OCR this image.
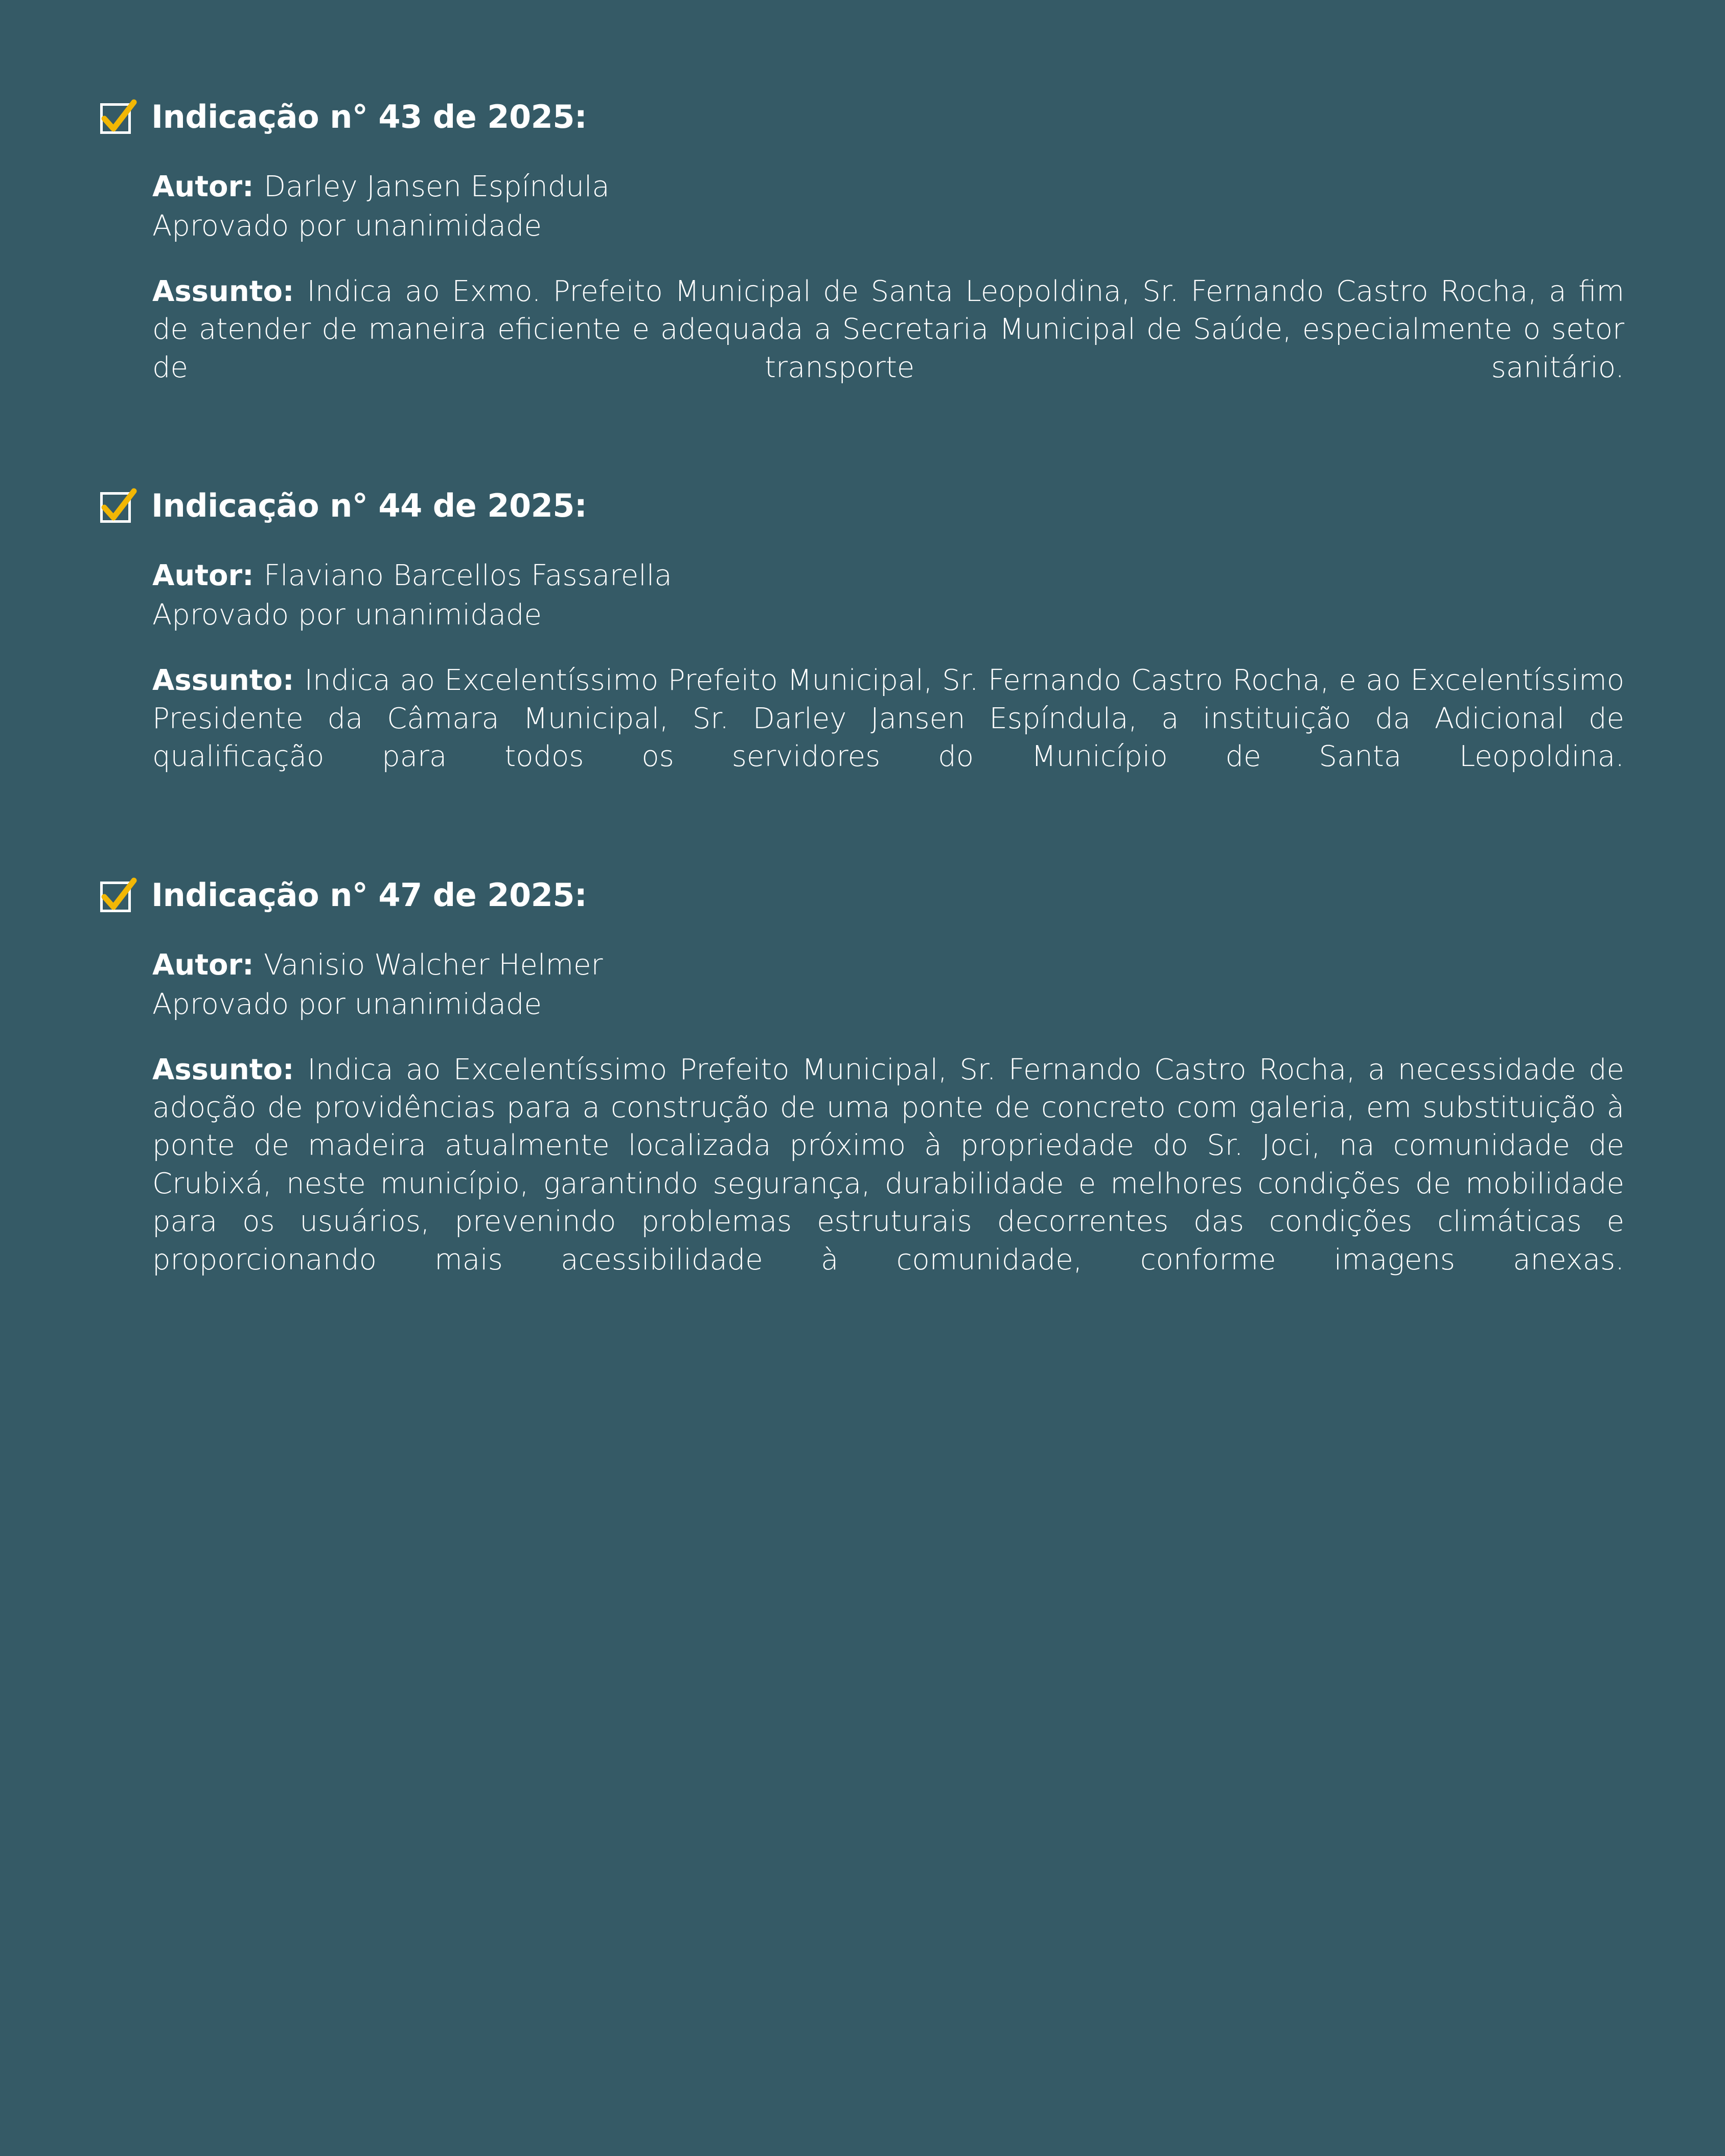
Indicação n° 43 de 2025:

Autor: Darley Jansen Espíndula

Aprovado por unanimidade

Assunto: Indica ao Exmo. Prefeito Municipal de Santa Leopoldina, Sr. Fernando Castro Rocha, a fim de atender de maneira eficiente e adequada a Secretaria Municipal de Saúde, especialmente o setor de transporte sanitário.

Indicação n° 44 de 2025:

Autor: Flaviano Barcellos Fassarella

Aprovado por unanimidade

Assunto: Indica ao Excelentíssimo Prefeito Municipal, Sr. Fernando Castro Rocha, e ao Excelentíssimo Presidente da Câmara Municipal, Sr. Darley Jansen Espíndula, a instituição da Adicional de qualificação para todos os servidores do Município de Santa Leopoldina.

Indicação n° 47 de 2025:

Autor: Vanisio Walcher Helmer

Aprovado por unanimidade

Assunto: Indica ao Excelentíssimo Prefeito Municipal, Sr. Fernando Castro Rocha, a necessidade de adoção de providências para a construção de uma ponte de concreto com galeria, em substituição à ponte de madeira atualmente localizada próximo à propriedade do Sr. Joci, na comunidade de Crubixá, neste município, garantindo segurança, durabilidade e melhores condições de mobilidade para os usuários, prevenindo problemas estruturais decorrentes das condições climáticas e proporcionando mais acessibilidade à comunidade, conforme imagens anexas.
